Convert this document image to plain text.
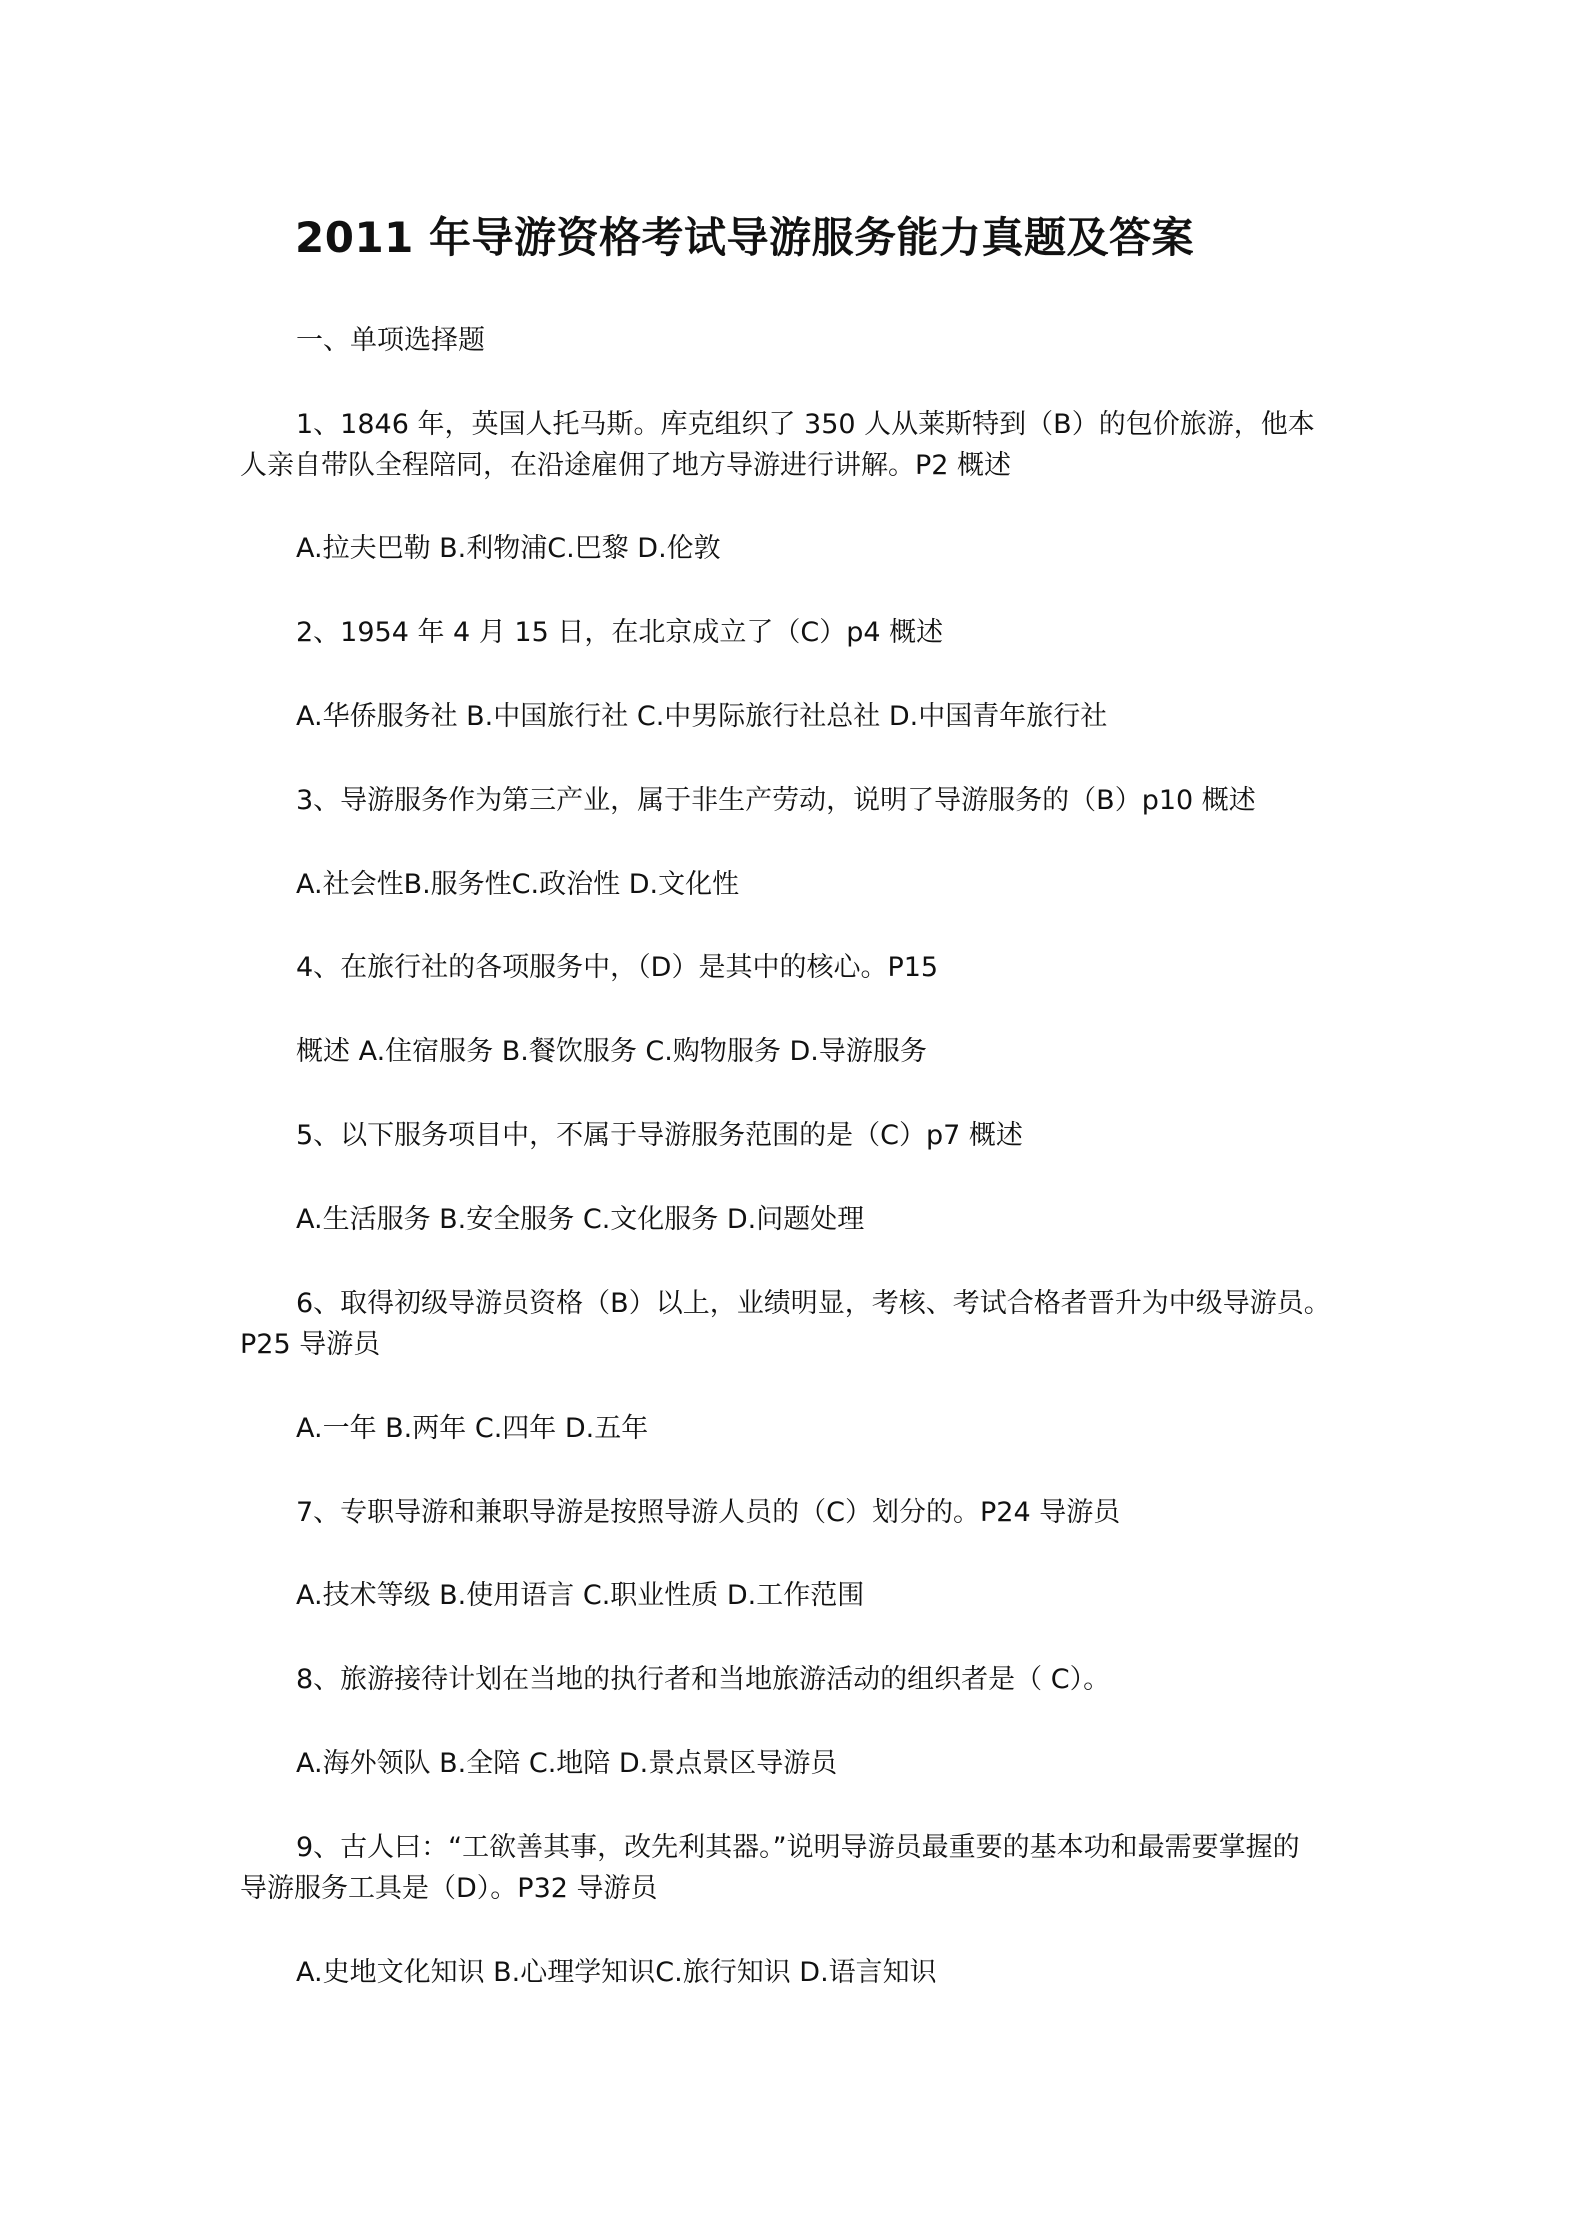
2011 年导游资格考试导游服务能力真题及答案
一、单项选择题
1、1846 年，英国人托马斯。库克组织了 350 人从莱斯特到（B）的包价旅游，他本
人亲自带队全程陪同，在沿途雇佣了地方导游进行讲解。P2 概述
A.拉夫巴勒 B.利物浦C.巴黎 D.伦敦
2、1954 年 4 月 15 日，在北京成立了（C）p4 概述
A.华侨服务社 B.中国旅行社 C.中男际旅行社总社 D.中国青年旅行社
3、导游服务作为第三产业，属于非生产劳动，说明了导游服务的（B）p10 概述
A.社会性B.服务性C.政治性 D.文化性
4、在旅行社的各项服务中，（D）是其中的核心。P15
概述 A.住宿服务 B.餐饮服务 C.购物服务 D.导游服务
5、以下服务项目中，不属于导游服务范围的是（C）p7 概述
A.生活服务 B.安全服务 C.文化服务 D.问题处理
6、取得初级导游员资格（B）以上，业绩明显，考核、考试合格者晋升为中级导游员。
P25 导游员
A.一年 B.两年 C.四年 D.五年
7、专职导游和兼职导游是按照导游人员的（C）划分的。P24 导游员
A.技术等级 B.使用语言 C.职业性质 D.工作范围
8、旅游接待计划在当地的执行者和当地旅游活动的组织者是（ C）。
A.海外领队 B.全陪 C.地陪 D.景点景区导游员
9、古人曰：“工欲善其事，改先利其器。”说明导游员最重要的基本功和最需要掌握的
导游服务工具是（D）。P32 导游员
A.史地文化知识 B.心理学知识C.旅行知识 D.语言知识
